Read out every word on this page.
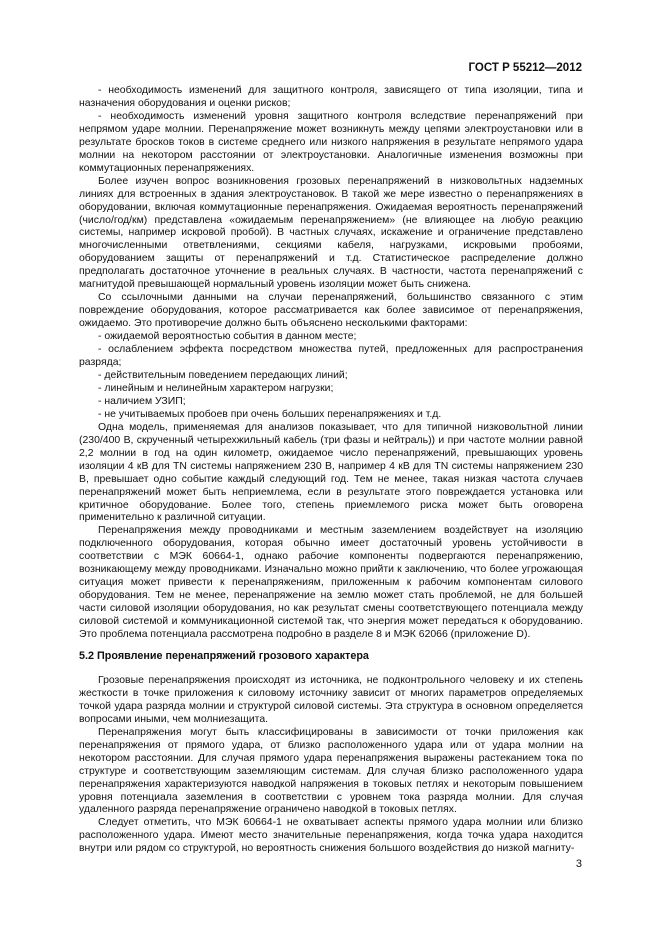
ГОСТ Р 55212—2012

- необходимость изменений для защитного контроля, зависящего от типа изоляции, типа и назначения оборудования и оценки рисков;

- необходимость изменений уровня защитного контроля вследствие перенапряжений при непрямом ударе молнии. Перенапряжение может возникнуть между цепями электроустановки или в результате бросков токов в системе среднего или низкого напряжения в результате непрямого удара молнии на некотором расстоянии от электроустановки. Аналогичные изменения возможны при коммутационных перенапряжениях.

Более изучен вопрос возникновения грозовых перенапряжений в низковольтных надземных линиях для встроенных в здания электроустановок. В такой же мере известно о перенапряжениях в оборудовании, включая коммутационные перенапряжения. Ожидаемая вероятность перенапряжений (число/год/км) представлена «ожидаемым перенапряжением» (не влияющее на любую реакцию системы, например искровой пробой). В частных случаях, искажение и ограничение представлено многочисленными ответвлениями, секциями кабеля, нагрузками, искровыми пробоями, оборудованием защиты от перенапряжений и т.д. Статистическое распределение должно предполагать достаточное уточнение в реальных случаях. В частности, частота перенапряжений с магнитудой превышающей нормальный уровень изоляции может быть снижена.

Со ссылочными данными на случаи перенапряжений, большинство связанного с этим повреждение оборудования, которое рассматривается как более зависимое от перенапряжения, ожидаемо. Это противоречие должно быть объяснено несколькими факторами:

- ожидаемой вероятностью события в данном месте;

- ослаблением эффекта посредством множества путей, предложенных для распространения разряда;

- действительным поведением передающих линий;

- линейным и нелинейным характером нагрузки;

- наличием УЗИП;

- не учитываемых пробоев при очень больших перенапряжениях и т.д.

Одна модель, применяемая для анализов показывает, что для типичной низковольтной линии (230/400 В, скрученный четырехжильный кабель (три фазы и нейтраль)) и при частоте молнии равной 2,2 молнии в год на один километр, ожидаемое число перенапряжений, превышающих уровень изоляции 4 кВ для TN системы напряжением 230 В, например 4 кВ для TN системы напряжением 230 В, превышает одно событие каждый следующий год. Тем не менее, такая низкая частота случаев перенапряжений может быть неприемлема, если в результате этого повреждается установка или критичное оборудование. Более того, степень приемлемого риска может быть оговорена применительно к различной ситуации.

Перенапряжения между проводниками и местным заземлением воздействует на изоляцию подключенного оборудования, которая обычно имеет достаточный уровень устойчивости в соответствии с МЭК 60664-1, однако рабочие компоненты подвергаются перенапряжению, возникающему между проводниками. Изначально можно прийти к заключению, что более угрожающая ситуация может привести к перенапряжениям, приложенным к рабочим компонентам силового оборудования. Тем не менее, перенапряжение на землю может стать проблемой, не для большей части силовой изоляции оборудования, но как результат смены соответствующего потенциала между силовой системой и коммуникационной системой так, что энергия может передаться к оборудованию. Это проблема потенциала рассмотрена подробно в разделе 8 и МЭК 62066 (приложение D).

5.2 Проявление перенапряжений грозового характера

Грозовые перенапряжения происходят из источника, не подконтрольного человеку и их степень жесткости в точке приложения к силовому источнику зависит от многих параметров определяемых точкой удара разряда молнии и структурой силовой системы. Эта структура в основном определяется вопросами иными, чем молниезащита.

Перенапряжения могут быть классифицированы в зависимости от точки приложения как перенапряжения от прямого удара, от близко расположенного удара или от удара молнии на некотором расстоянии. Для случая прямого удара перенапряжения выражены растеканием тока по структуре и соответствующим заземляющим системам. Для случая близко расположенного удара перенапряжения характеризуются наводкой напряжения в токовых петлях и некоторым повышением уровня потенциала заземления в соответствии с уровнем тока разряда молнии. Для случая удаленного разряда перенапряжение ограничено наводкой в токовых петлях.

Следует отметить, что МЭК 60664-1 не охватывает аспекты прямого удара молнии или близко расположенного удара. Имеют место значительные перенапряжения, когда точка удара находится внутри или рядом со структурой, но вероятность снижения большого воздействия до низкой магниту-

3
